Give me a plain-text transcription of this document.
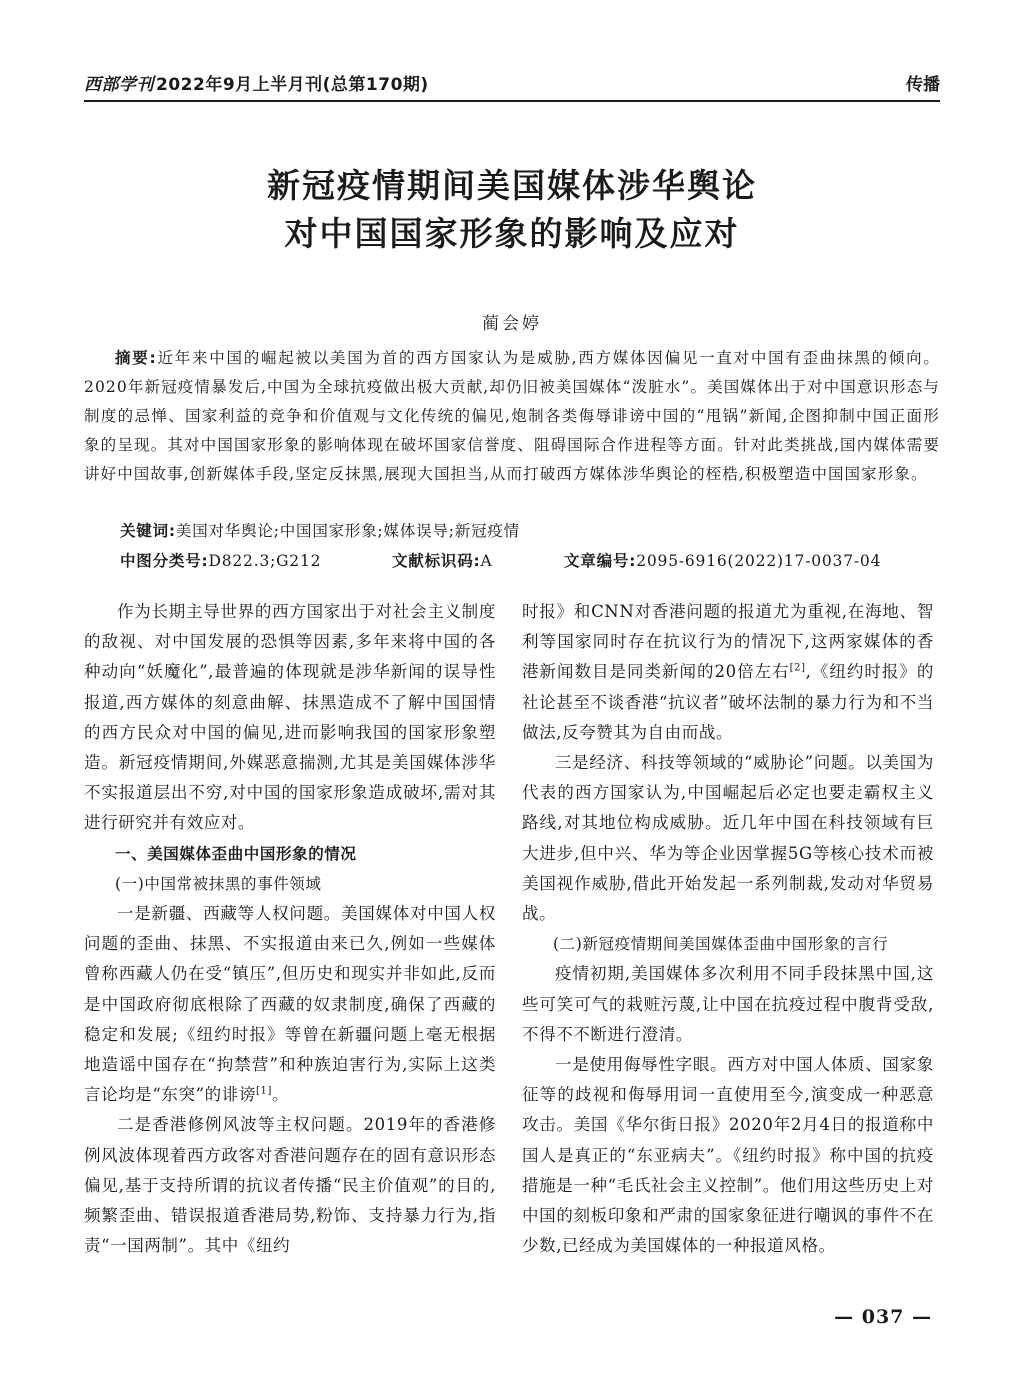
西部学刊 2022年9月上半月刊(总第170期)	传播
新冠疫情期间美国媒体涉华舆论
对中国国家形象的影响及应对
蔺会婷

摘要:近年来中国的崛起被以美国为首的西方国家认为是威胁,西方媒体因偏见一直对中国有歪曲抹黑的倾向。2020年新冠疫情暴发后,中国为全球抗疫做出极大贡献,却仍旧被美国媒体“泼脏水”。美国媒体出于对中国意识形态与制度的忌惮、国家利益的竞争和价值观与文化传统的偏见,炮制各类侮辱诽谤中国的“甩锅”新闻,企图抑制中国正面形象的呈现。其对中国国家形象的影响体现在破坏国家信誉度、阻碍国际合作进程等方面。针对此类挑战,国内媒体需要讲好中国故事,创新媒体手段,坚定反抹黑,展现大国担当,从而打破西方媒体涉华舆论的桎梏,积极塑造中国国家形象。

关键词:美国对华舆论;中国国家形象;媒体误导;新冠疫情
中图分类号:D822.3;G212	文献标识码:A	文章编号:2095-6916(2022)17-0037-04

作为长期主导世界的西方国家出于对社会主义制度的敌视、对中国发展的恐惧等因素,多年来将中国的各种动向“妖魔化”,最普遍的体现就是涉华新闻的误导性报道,西方媒体的刻意曲解、抹黑造成不了解中国国情的西方民众对中国的偏见,进而影响我国的国家形象塑造。新冠疫情期间,外媒恶意揣测,尤其是美国媒体涉华不实报道层出不穷,对中国的国家形象造成破坏,需对其进行研究并有效应对。

一、美国媒体歪曲中国形象的情况

(一)中国常被抹黑的事件领域

一是新疆、西藏等人权问题。美国媒体对中国人权问题的歪曲、抹黑、不实报道由来已久,例如一些媒体曾称西藏人仍在受“镇压”,但历史和现实并非如此,反而是中国政府彻底根除了西藏的奴隶制度,确保了西藏的稳定和发展;《纽约时报》等曾在新疆问题上毫无根据地造谣中国存在“拘禁营”和种族迫害行为,实际上这类言论均是“东突”的诽谤[1]。

二是香港修例风波等主权问题。2019年的香港修例风波体现着西方政客对香港问题存在的固有意识形态偏见,基于支持所谓的抗议者传播“民主价值观”的目的,频繁歪曲、错误报道香港局势,粉饰、支持暴力行为,指责“一国两制”。其中《纽约

时报》和CNN对香港问题的报道尤为重视,在海地、智利等国家同时存在抗议行为的情况下,这两家媒体的香港新闻数目是同类新闻的20倍左右[2],《纽约时报》的社论甚至不谈香港“抗议者”破坏法制的暴力行为和不当做法,反夸赞其为自由而战。

三是经济、科技等领域的“威胁论”问题。以美国为代表的西方国家认为,中国崛起后必定也要走霸权主义路线,对其地位构成威胁。近几年中国在科技领域有巨大进步,但中兴、华为等企业因掌握5G等核心技术而被美国视作威胁,借此开始发起一系列制裁,发动对华贸易战。

(二)新冠疫情期间美国媒体歪曲中国形象的言行

疫情初期,美国媒体多次利用不同手段抹黑中国,这些可笑可气的栽赃污蔑,让中国在抗疫过程中腹背受敌,不得不不断进行澄清。

一是使用侮辱性字眼。西方对中国人体质、国家象征等的歧视和侮辱用词一直使用至今,演变成一种恶意攻击。美国《华尔街日报》2020年2月4日的报道称中国人是真正的“东亚病夫”。《纽约时报》称中国的抗疫措施是一种“毛氏社会主义控制”。他们用这些历史上对中国的刻板印象和严肃的国家象征进行嘲讽的事件不在少数,已经成为美国媒体的一种报道风格。

— 037 —
